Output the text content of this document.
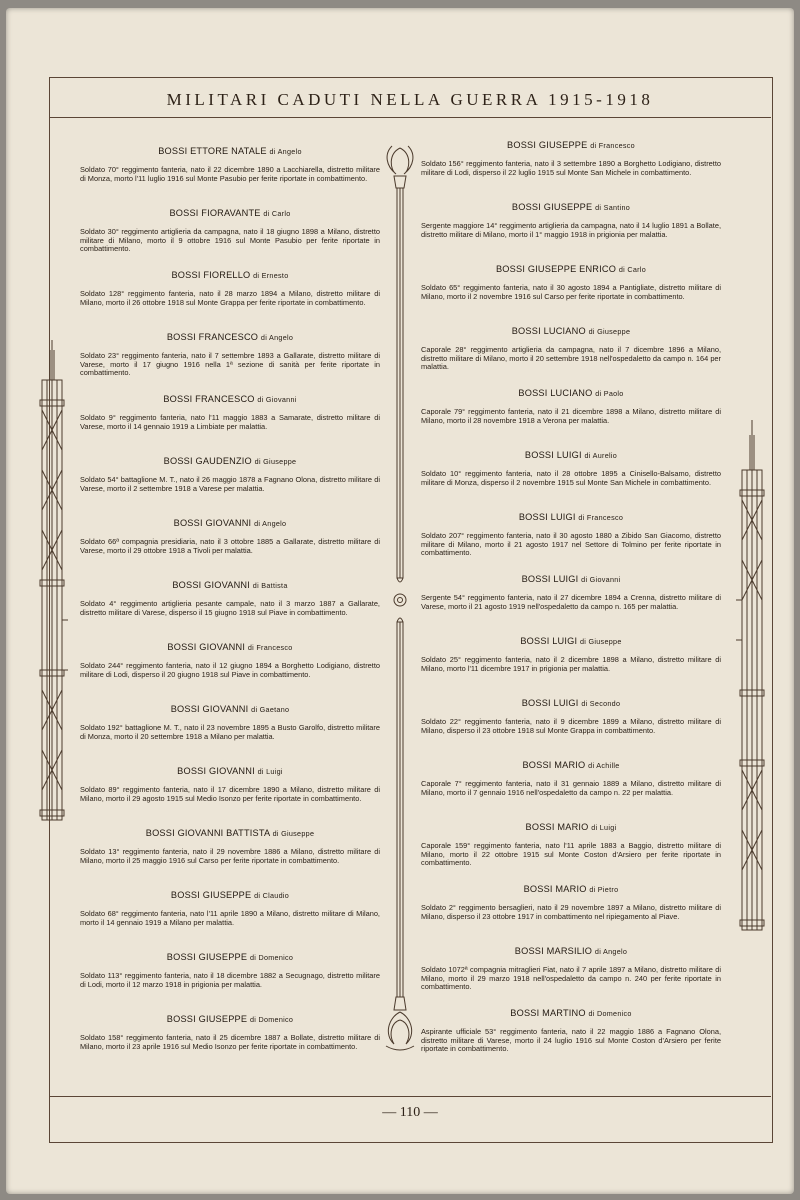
MILITARI CADUTI NELLA GUERRA 1915-1918
— 110 —
BOSSI ETTORE NATALE di Angelo
Soldato 70° reggimento fanteria, nato il 22 dicembre 1890 a Lacchiarella, distretto militare di Monza, morto l'11 luglio 1916 sul Monte Pasubio per ferite riportate in combattimento.
BOSSI FIORAVANTE di Carlo
Soldato 30° reggimento artiglieria da campagna, nato il 18 giugno 1898 a Milano, distretto militare di Milano, morto il 9 ottobre 1916 sul Monte Pasubio per ferite riportate in combattimento.
BOSSI FIORELLO di Ernesto
Soldato 128° reggimento fanteria, nato il 28 marzo 1894 a Milano, distretto militare di Milano, morto il 26 ottobre 1918 sul Monte Grappa per ferite riportate in combattimento.
BOSSI FRANCESCO di Angelo
Soldato 23° reggimento fanteria, nato il 7 settembre 1893 a Gallarate, distretto militare di Varese, morto il 17 giugno 1916 nella 1ª sezione di sanità per ferite riportate in combattimento.
BOSSI FRANCESCO di Giovanni
Soldato 9° reggimento fanteria, nato l'11 maggio 1883 a Samarate, distretto militare di Varese, morto il 14 gennaio 1919 a Limbiate per malattia.
BOSSI GAUDENZIO di Giuseppe
Soldato 54° battaglione M. T., nato il 26 maggio 1878 a Fagnano Olona, distretto militare di Varese, morto il 2 settembre 1918 a Varese per malattia.
BOSSI GIOVANNI di Angelo
Soldato 66ª compagnia presidiaria, nato il 3 ottobre 1885 a Gallarate, distretto militare di Varese, morto il 29 ottobre 1918 a Tivoli per malattia.
BOSSI GIOVANNI di Battista
Soldato 4° reggimento artiglieria pesante campale, nato il 3 marzo 1887 a Gallarate, distretto militare di Varese, disperso il 15 giugno 1918 sul Piave in combattimento.
BOSSI GIOVANNI di Francesco
Soldato 244° reggimento fanteria, nato il 12 giugno 1894 a Borghetto Lodigiano, distretto militare di Lodi, disperso il 20 giugno 1918 sul Piave in combattimento.
BOSSI GIOVANNI di Gaetano
Soldato 192° battaglione M. T., nato il 23 novembre 1895 a Busto Garolfo, distretto militare di Monza, morto il 20 settembre 1918 a Milano per malattia.
BOSSI GIOVANNI di Luigi
Soldato 89° reggimento fanteria, nato il 17 dicembre 1890 a Milano, distretto militare di Milano, morto il 29 agosto 1915 sul Medio Isonzo per ferite riportate in combattimento.
BOSSI GIOVANNI BATTISTA di Giuseppe
Soldato 13° reggimento fanteria, nato il 29 novembre 1886 a Milano, distretto militare di Milano, morto il 25 maggio 1916 sul Carso per ferite riportate in combattimento.
BOSSI GIUSEPPE di Claudio
Soldato 68° reggimento fanteria, nato l'11 aprile 1890 a Milano, distretto militare di Milano, morto il 14 gennaio 1919 a Milano per malattia.
BOSSI GIUSEPPE di Domenico
Soldato 113° reggimento fanteria, nato il 18 dicembre 1882 a Secugnago, distretto militare di Lodi, morto il 12 marzo 1918 in prigionia per malattia.
BOSSI GIUSEPPE di Domenico
Soldato 158° reggimento fanteria, nato il 25 dicembre 1887 a Bollate, distretto militare di Milano, morto il 23 aprile 1916 sul Medio Isonzo per ferite riportate in combattimento.
BOSSI GIUSEPPE di Francesco
Soldato 156° reggimento fanteria, nato il 3 settembre 1890 a Borghetto Lodigiano, distretto militare di Lodi, disperso il 22 luglio 1915 sul Monte San Michele in combattimento.
BOSSI GIUSEPPE di Santino
Sergente maggiore 14° reggimento artiglieria da campagna, nato il 14 luglio 1891 a Bollate, distretto militare di Milano, morto il 1° maggio 1918 in prigionia per malattia.
BOSSI GIUSEPPE ENRICO di Carlo
Soldato 65° reggimento fanteria, nato il 30 agosto 1894 a Pantigliate, distretto militare di Milano, morto il 2 novembre 1916 sul Carso per ferite riportate in combattimento.
BOSSI LUCIANO di Giuseppe
Caporale 28° reggimento artiglieria da campagna, nato il 7 dicembre 1896 a Milano, distretto militare di Milano, morto il 20 settembre 1918 nell'ospedaletto da campo n. 164 per malattia.
BOSSI LUCIANO di Paolo
Caporale 79° reggimento fanteria, nato il 21 dicembre 1898 a Milano, distretto militare di Milano, morto il 28 novembre 1918 a Verona per malattia.
BOSSI LUIGI di Aurelio
Soldato 10° reggimento fanteria, nato il 28 ottobre 1895 a Cinisello-Balsamo, distretto militare di Monza, disperso il 2 novembre 1915 sul Monte San Michele in combattimento.
BOSSI LUIGI di Francesco
Soldato 207° reggimento fanteria, nato il 30 agosto 1880 a Zibido San Giacomo, distretto militare di Milano, morto il 21 agosto 1917 nel Settore di Tolmino per ferite riportate in combattimento.
BOSSI LUIGI di Giovanni
Sergente 54° reggimento fanteria, nato il 27 dicembre 1894 a Crenna, distretto militare di Varese, morto il 21 agosto 1919 nell'ospedaletto da campo n. 165 per malattia.
BOSSI LUIGI di Giuseppe
Soldato 25° reggimento fanteria, nato il 2 dicembre 1898 a Milano, distretto militare di Milano, morto l'11 dicembre 1917 in prigionia per malattia.
BOSSI LUIGI di Secondo
Soldato 22° reggimento fanteria, nato il 9 dicembre 1899 a Milano, distretto militare di Milano, disperso il 23 ottobre 1918 sul Monte Grappa in combattimento.
BOSSI MARIO di Achille
Caporale 7° reggimento fanteria, nato il 31 gennaio 1889 a Milano, distretto militare di Milano, morto il 7 gennaio 1916 nell'ospedaletto da campo n. 22 per malattia.
BOSSI MARIO di Luigi
Caporale 159° reggimento fanteria, nato l'11 aprile 1883 a Baggio, distretto militare di Milano, morto il 22 ottobre 1915 sul Monte Coston d'Arsiero per ferite riportate in combattimento.
BOSSI MARIO di Pietro
Soldato 2° reggimento bersaglieri, nato il 29 novembre 1897 a Milano, distretto militare di Milano, disperso il 23 ottobre 1917 in combattimento nel ripiegamento al Piave.
BOSSI MARSILIO di Angelo
Soldato 1072ª compagnia mitraglieri Fiat, nato il 7 aprile 1897 a Milano, distretto militare di Milano, morto il 29 marzo 1918 nell'ospedaletto da campo n. 240 per ferite riportate in combattimento.
BOSSI MARTINO di Domenico
Aspirante ufficiale 53° reggimento fanteria, nato il 22 maggio 1886 a Fagnano Olona, distretto militare di Varese, morto il 24 luglio 1916 sul Monte Coston d'Arsiero per ferite riportate in combattimento.
